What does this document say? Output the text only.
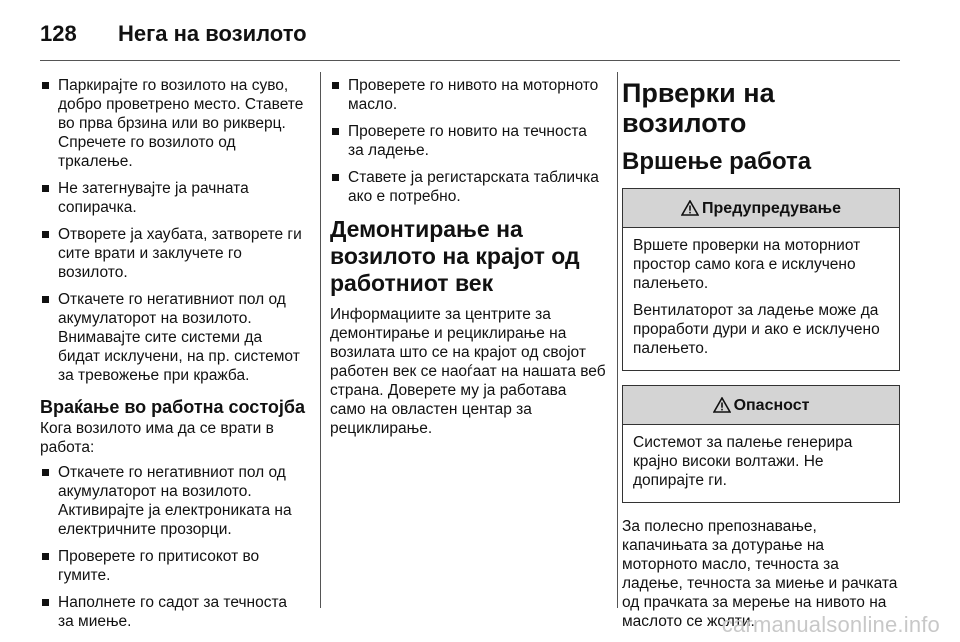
128	Нега на возилото
Паркирајте го возилото на суво, добро проветрено место. Ставете во прва брзина или во рикверц. Спречете го возилото од тркалење.
Не затегнувајте ја рачната сопирачка.
Отворете ја хаубата, затворете ги сите врати и заклучете го возилото.
Откачете го негативниот пол од акумулаторот на возилото. Внимавајте сите системи да бидат исклучени, на пр. системот за тревожење при кражба.
Враќање во работна состојба

Кога возилото има да се врати в работа:

Откачете го негативниот пол од акумулаторот на возилото. Активирајте ја електрониката на електричните прозорци.
Проверете го притисокот во гумите.
Наполнете го садот за течноста за миење.
Проверете го нивото на моторното масло.
Проверете го новито на течноста за ладење.
Ставете ја регистарската табличка ако е потребно.
Демонтирање на возилото на крајот од работниот век

Информациите за центрите за демонтирање и рециклирање на возилата што се на крајот од својот работен век се наоѓаат на нашата веб страна. Доверете му ја работава само на овластен центар за рециклирање.

Прверки на возилото
Вршење работа
Предупредување

Вршете проверки на моторниот простор само кога е исклучено палењето.

Вентилаторот за ладење може да проработи дури и ако е исклучено палењето.

Опасност

Системот за палење генерира крајно високи волтажи. Не допирајте ги.

За полесно препознавање, капачињата за дотурање на моторното масло, течноста за ладење, течноста за миење и рачката од прачката за мерење на нивото на маслото се жолти.

carmanualsonline.info
